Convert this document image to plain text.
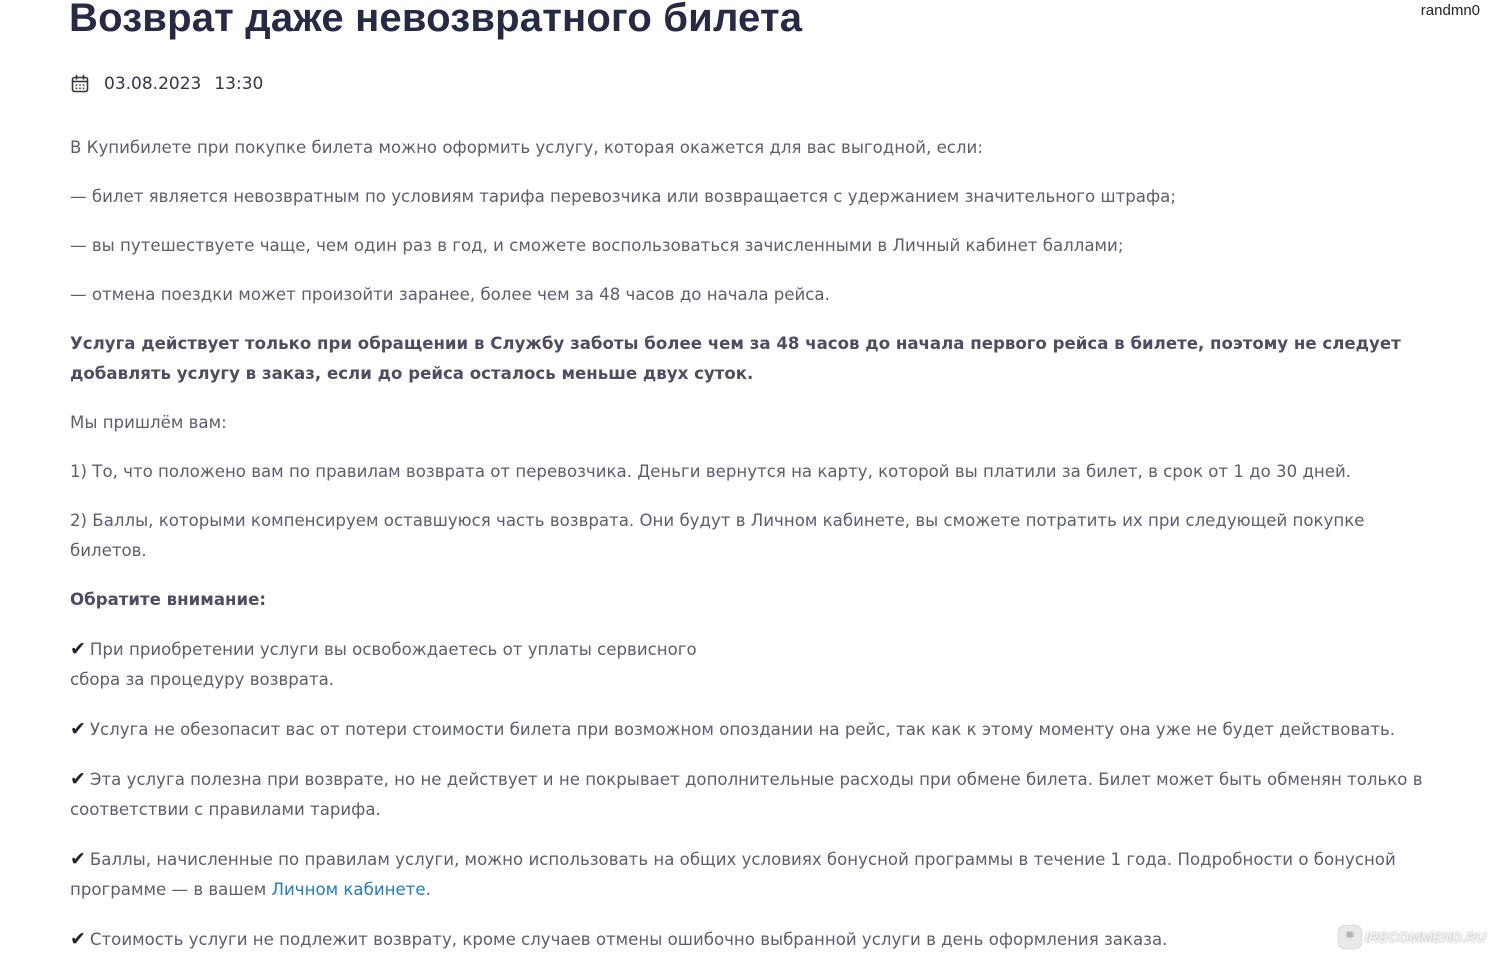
randmn0
Возврат даже невозвратного билета
03.08.2023 13:30

В Купибилете при покупке билета можно оформить услугу, которая окажется для вас выгодной, если:

— билет является невозвратным по условиям тарифа перевозчика или возвращается с удержанием значительного штрафа;

— вы путешествуете чаще, чем один раз в год, и сможете воспользоваться зачисленными в Личный кабинет баллами;

— отмена поездки может произойти заранее, более чем за 48 часов до начала рейса.

Услуга действует только при обращении в Службу заботы более чем за 48 часов до начала первого рейса в билете, поэтому не следует добавлять услугу в заказ, если до рейса осталось меньше двух суток.

Мы пришлём вам:

1) То, что положено вам по правилам возврата от перевозчика. Деньги вернутся на карту, которой вы платили за билет, в срок от 1 до 30 дней.

2) Баллы, которыми компенсируем оставшуюся часть возврата. Они будут в Личном кабинете, вы сможете потратить их при следующей покупке билетов.

Обратите внимание:

✔ При приобретении услуги вы освобождаетесь от уплаты сервисного
сбора за процедуру возврата.

✔ Услуга не обезопасит вас от потери стоимости билета при возможном опоздании на рейс, так как к этому моменту она уже не будет действовать.

✔ Эта услуга полезна при возврате, но не действует и не покрывает дополнительные расходы при обмене билета. Билет может быть обменян только в соответствии с правилами тарифа.

✔ Баллы, начисленные по правилам услуги, можно использовать на общих условиях бонусной программы в течение 1 года. Подробности о бонусной программе — в вашем Личном кабинете.

✔ Стоимость услуги не подлежит возврату, кроме случаев отмены ошибочно выбранной услуги в день оформления заказа.	❝ IRECOMMEND.RU
